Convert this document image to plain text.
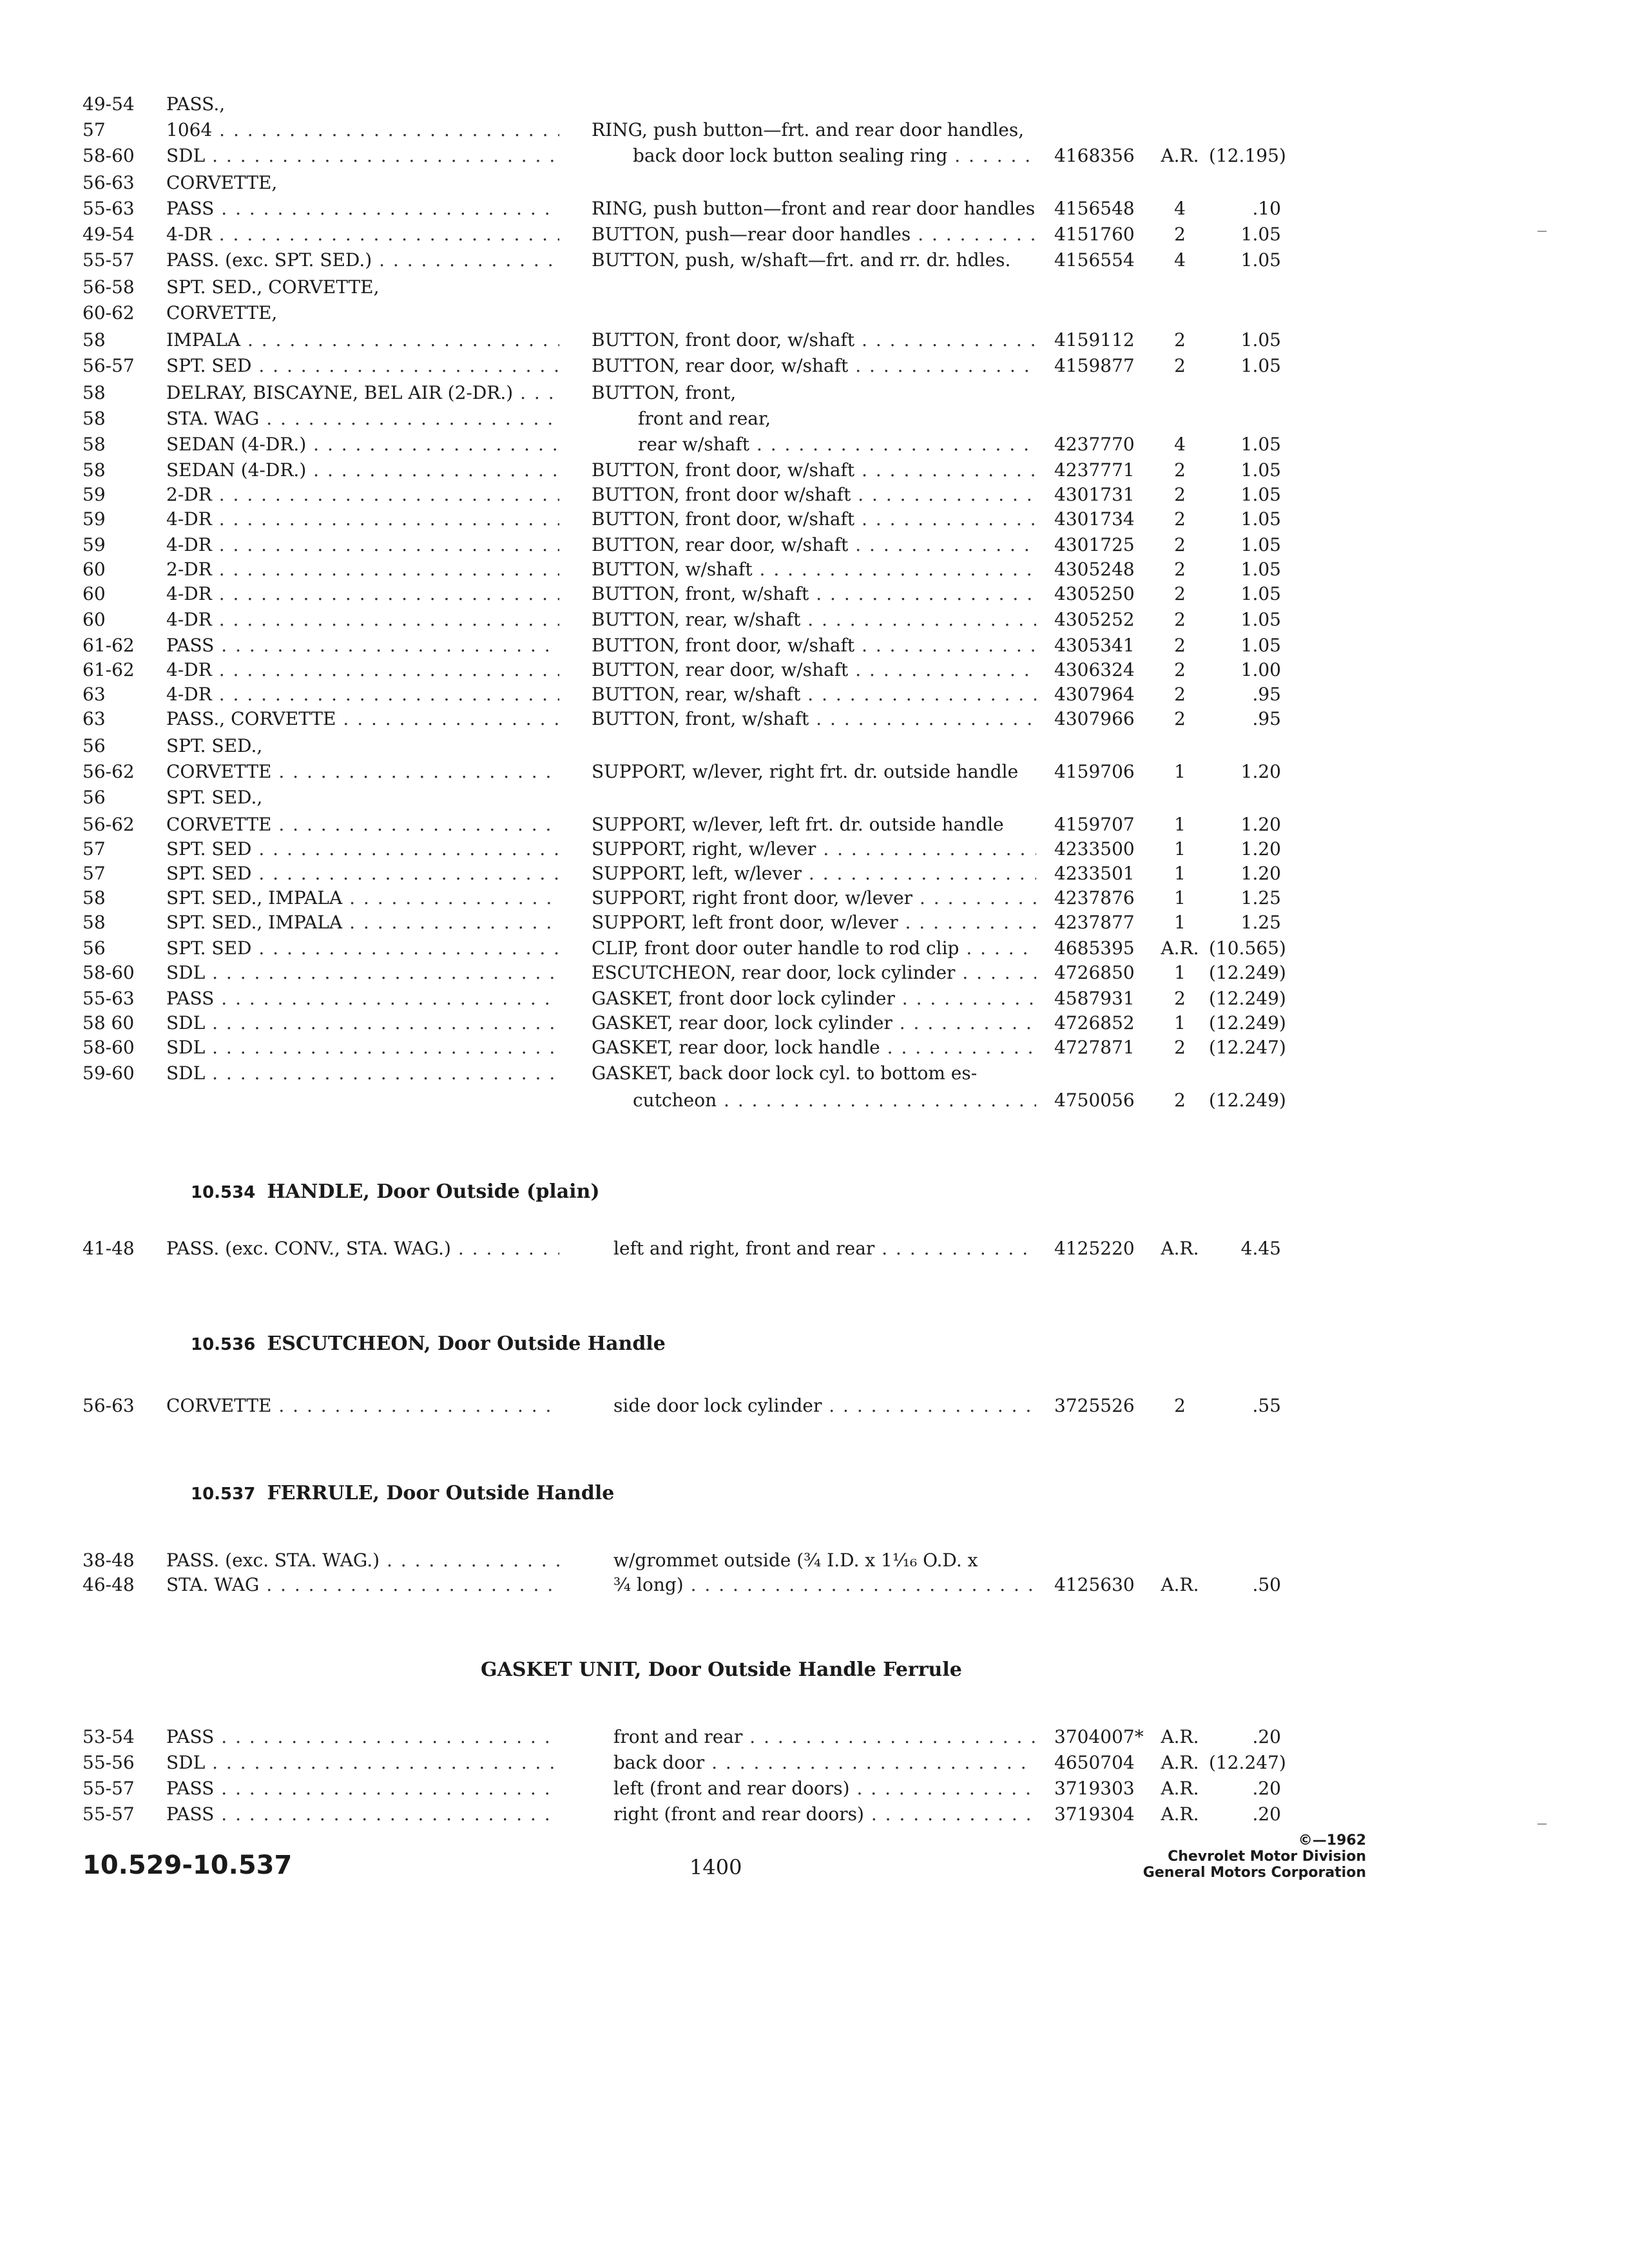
49-54	PASS.,
57	1064 . . .	RING, push button—frt. and rear door handles,
58-60	SDL . . .	back door lock button sealing ring . . .	4168356	A.R. (12.195)
56-63	CORVETTE,
55-63	PASS . . .	RING, push button—front and rear door handles 4156548	4	.10
49-54	4-DR . . .	BUTTON, push—rear door handles . . .	4151760	2	1.05
55-57	PASS. (exc. SPT. SED.) . . .	BUTTON, push, w/shaft—frt. and rr. dr. hdles.	4156554	4	1.05
56-58	SPT. SED., CORVETTE,
60-62	CORVETTE,
58	IMPALA . . .	BUTTON, front door, w/shaft . . .	4159112	2	1.05
56-57	SPT. SED . . .	BUTTON, rear door, w/shaft . . .	4159877	2	1.05
58	DELRAY, BISCAYNE, BEL AIR (2-DR.) . . .	BUTTON, front,
58	STA. WAG . . .	front and rear,
58	SEDAN (4-DR.) . . .	rear w/shaft . . .	4237770	4	1.05
58	SEDAN (4-DR.) . . .	BUTTON, front door, w/shaft . . .	4237771	2	1.05
59	2-DR . . .	BUTTON, front door w/shaft . . .	4301731	2	1.05
59	4-DR . . .	BUTTON, front door, w/shaft . . .	4301734	2	1.05
59	4-DR . . .	BUTTON, rear door, w/shaft . . .	4301725	2	1.05
60	2-DR . . .	BUTTON, w/shaft . . .	4305248	2	1.05
60	4-DR . . .	BUTTON, front, w/shaft . . .	4305250	2	1.05
60	4-DR . . .	BUTTON, rear, w/shaft . . .	4305252	2	1.05
61-62	PASS . . .	BUTTON, front door, w/shaft . . .	4305341	2	1.05
61-62	4-DR . . .	BUTTON, rear door, w/shaft . . .	4306324	2	1.00
63	4-DR . . .	BUTTON, rear, w/shaft . . .	4307964	2	.95
63	PASS., CORVETTE . . .	BUTTON, front, w/shaft . . .	4307966	2	.95
56	SPT. SED.,
56-62	CORVETTE . . .	SUPPORT, w/lever, right frt. dr. outside handle	4159706	1	1.20
56	SPT. SED.,
56-62	CORVETTE . . .	SUPPORT, w/lever, left frt. dr. outside handle	4159707	1	1.20
57	SPT. SED . . .	SUPPORT, right, w/lever . . .	4233500	1	1.20
57	SPT. SED . . .	SUPPORT, left, w/lever . . .	4233501	1	1.20
58	SPT. SED., IMPALA . . .	SUPPORT, right front door, w/lever . . .	4237876	1	1.25
58	SPT. SED., IMPALA . . .	SUPPORT, left front door, w/lever . . .	4237877	1	1.25
56	SPT. SED . . .	CLIP, front door outer handle to rod clip . . .	4685395	A.R. (10.565)
58-60	SDL . . .	ESCUTCHEON, rear door, lock cylinder . . .	4726850	1	(12.249)
55-63	PASS . . .	GASKET, front door lock cylinder . . .	4587931	2	(12.249)
58 60	SDL . . .	GASKET, rear door, lock cylinder . . .	4726852	1	(12.249)
58-60	SDL . . .	GASKET, rear door, lock handle . . .	4727871	2	(12.247)
59-60	SDL . . .	GASKET, back door lock cyl. to bottom es-
cutcheon . . .	4750056	2	(12.249)
10.534 HANDLE, Door Outside (plain)
41-48	PASS. (exc. CONV., STA. WAG.) . . .	left and right, front and rear . . .	4125220	A.R.	4.45
10.536 ESCUTCHEON, Door Outside Handle
56-63	CORVETTE . . .	side door lock cylinder . . .	3725526	2	.55
10.537 FERRULE, Door Outside Handle
38-48	PASS. (exc. STA. WAG.) . . .	w/grommet outside (¾ I.D. x 1¹⁄₁₆ O.D. x
46-48	STA. WAG . . .	¾ long) . . .	4125630	A.R.	.50
GASKET UNIT, Door Outside Handle Ferrule
53-54	PASS . . .	front and rear . . .	3704007* A.R.	.20
55-56	SDL . . .	back door . . .	4650704	A.R. (12.247)
55-57	PASS . . .	left (front and rear doors) . . .	3719303	A.R.	.20
55-57	PASS . . .	right (front and rear doors) . . .	3719304	A.R.	.20
10.529-10.537	1400
©—1962
Chevrolet Motor Division
General Motors Corporation
